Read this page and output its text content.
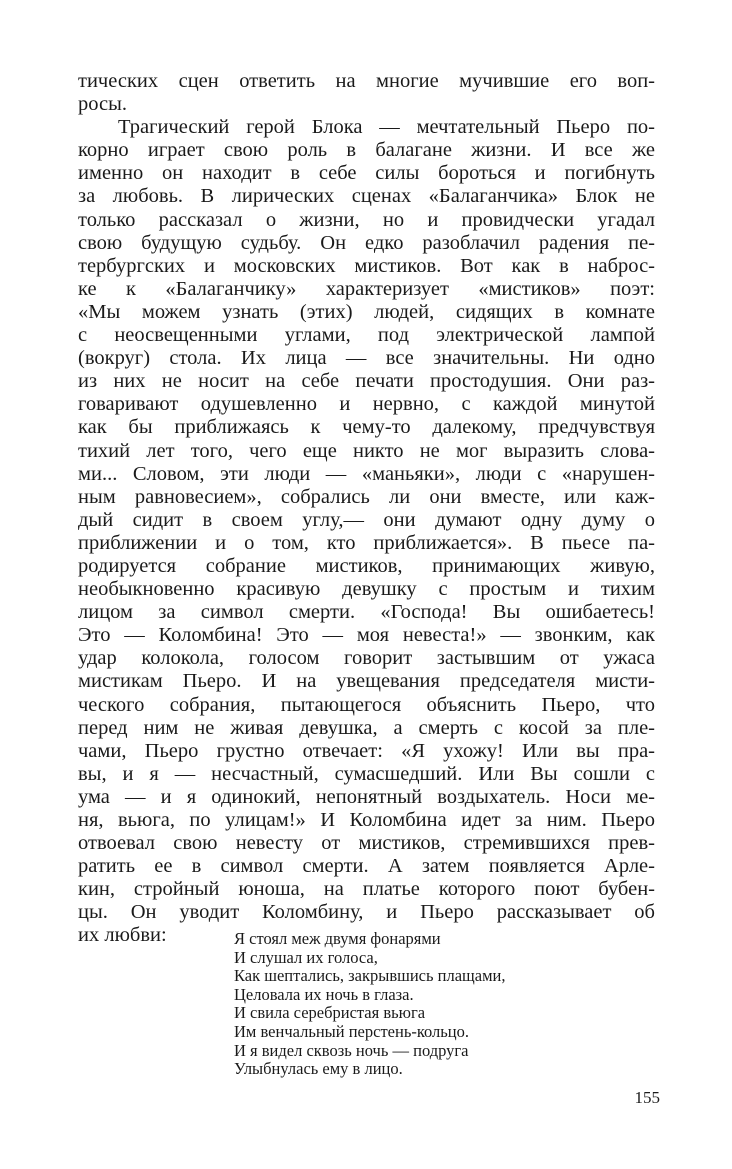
тических сцен ответить на многие мучившие его воп-
росы.
Трагический герой Блока — мечтательный Пьеро по-
корно играет свою роль в балагане жизни. И все же
именно он находит в себе силы бороться и погибнуть
за любовь. В лирических сценах «Балаганчика» Блок не
только рассказал о жизни, но и провидчески угадал
свою будущую судьбу. Он едко разоблачил радения пе-
тербургских и московских мистиков. Вот как в наброс-
ке к «Балаганчику» характеризует «мистиков» поэт:
«Мы можем узнать (этих) людей, сидящих в комнате
с неосвещенными углами, под электрической лампой
(вокруг) стола. Их лица — все значительны. Ни одно
из них не носит на себе печати простодушия. Они раз-
говаривают одушевленно и нервно, с каждой минутой
как бы приближаясь к чему-то далекому, предчувствуя
тихий лет того, чего еще никто не мог выразить слова-
ми... Словом, эти люди — «маньяки», люди с «нарушен-
ным равновесием», собрались ли они вместе, или каж-
дый сидит в своем углу,— они думают одну думу о
приближении и о том, кто приближается». В пьесе па-
родируется собрание мистиков, принимающих живую,
необыкновенно красивую девушку с простым и тихим
лицом за символ смерти. «Господа! Вы ошибаетесь!
Это — Коломбина! Это — моя невеста!» — звонким, как
удар колокола, голосом говорит застывшим от ужаса
мистикам Пьеро. И на увещевания председателя мисти-
ческого собрания, пытающегося объяснить Пьеро, что
перед ним не живая девушка, а смерть с косой за пле-
чами, Пьеро грустно отвечает: «Я ухожу! Или вы пра-
вы, и я — несчастный, сумасшедший. Или Вы сошли с
ума — и я одинокий, непонятный воздыхатель. Носи ме-
ня, вьюга, по улицам!» И Коломбина идет за ним. Пьеро
отвоевал свою невесту от мистиков, стремившихся прев-
ратить ее в символ смерти. А затем появляется Арле-
кин, стройный юноша, на платье которого поют бубен-
цы. Он уводит Коломбину, и Пьеро рассказывает об
их любви:	Я стоял меж двумя фонарями
И слушал их голоса,
Как шептались, закрывшись плащами,
Целовала их ночь в глаза.
И свила серебристая вьюга
Им венчальный перстень-кольцо.
И я видел сквозь ночь — подруга
Улыбнулась ему в лицо.
155
